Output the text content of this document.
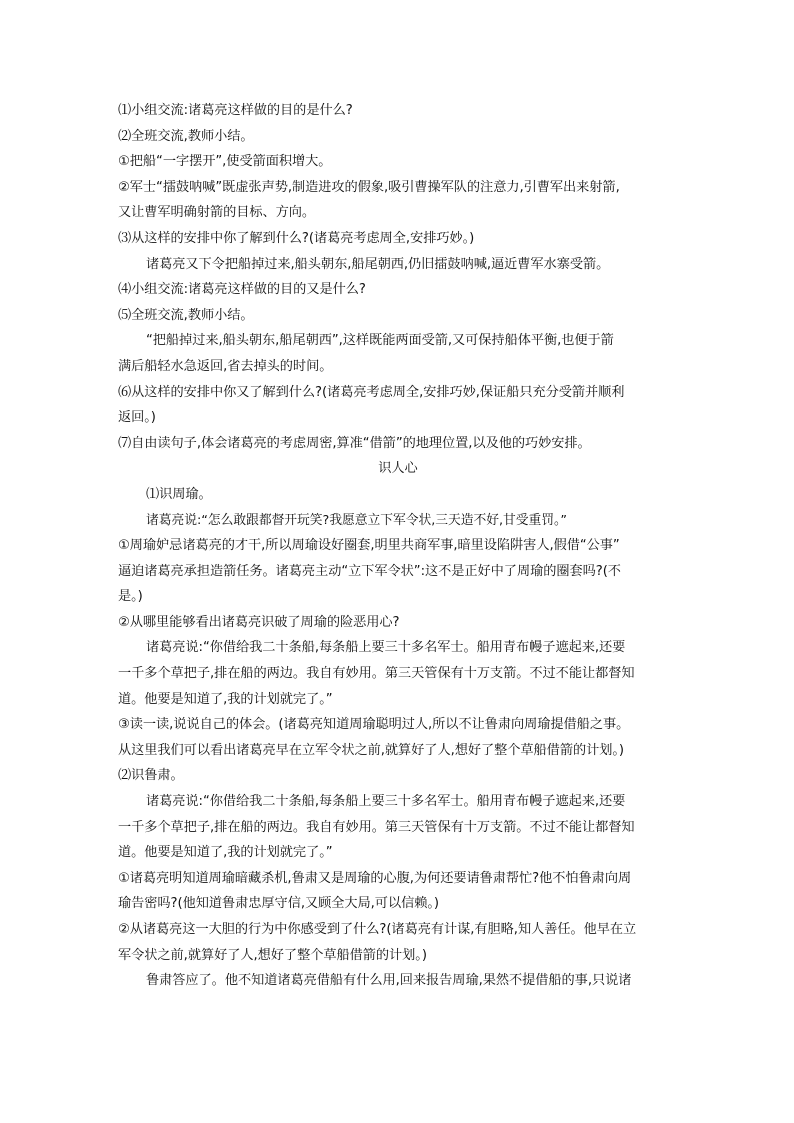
⑴小组交流:诸葛亮这样做的目的是什么?
⑵全班交流,教师小结。
①把船“一字摆开”,使受箭面积增大。
②军士“擂鼓呐喊”既虚张声势,制造进攻的假象,吸引曹操军队的注意力,引曹军出来射箭,
又让曹军明确射箭的目标、方向。
⑶从这样的安排中你了解到什么?(诸葛亮考虑周全,安排巧妙。)
诸葛亮又下令把船掉过来,船头朝东,船尾朝西,仍旧擂鼓呐喊,逼近曹军水寨受箭。
⑷小组交流:诸葛亮这样做的目的又是什么?
⑸全班交流,教师小结。
“把船掉过来,船头朝东,船尾朝西”,这样既能两面受箭,又可保持船体平衡,也便于箭
满后船轻水急返回,省去掉头的时间。
⑹从这样的安排中你又了解到什么?(诸葛亮考虑周全,安排巧妙,保证船只充分受箭并顺利
返回。)
⑺自由读句子,体会诸葛亮的考虑周密,算准“借箭”的地理位置,以及他的巧妙安排。
识人心
⑴识周瑜。
诸葛亮说:“怎么敢跟都督开玩笑?我愿意立下军令状,三天造不好,甘受重罚。”
①周瑜妒忌诸葛亮的才干,所以周瑜设好圈套,明里共商军事,暗里设陷阱害人,假借“公事”
逼迫诸葛亮承担造箭任务。诸葛亮主动“立下军令状”:这不是正好中了周瑜的圈套吗?(不
是。)
②从哪里能够看出诸葛亮识破了周瑜的险恶用心?
诸葛亮说:“你借给我二十条船,每条船上要三十多名军士。船用青布幔子遮起来,还要
一千多个草把子,排在船的两边。我自有妙用。第三天管保有十万支箭。不过不能让都督知
道。他要是知道了,我的计划就完了。”
③读一读,说说自己的体会。(诸葛亮知道周瑜聪明过人,所以不让鲁肃向周瑜提借船之事。
从这里我们可以看出诸葛亮早在立军令状之前,就算好了人,想好了整个草船借箭的计划。)
⑵识鲁肃。
诸葛亮说:“你借给我二十条船,每条船上要三十多名军士。船用青布幔子遮起来,还要
一千多个草把子,排在船的两边。我自有妙用。第三天管保有十万支箭。不过不能让都督知
道。他要是知道了,我的计划就完了。”
①诸葛亮明知道周瑜暗藏杀机,鲁肃又是周瑜的心腹,为何还要请鲁肃帮忙?他不怕鲁肃向周
瑜告密吗?(他知道鲁肃忠厚守信,又顾全大局,可以信赖。)
②从诸葛亮这一大胆的行为中你感受到了什么?(诸葛亮有计谋,有胆略,知人善任。他早在立
军令状之前,就算好了人,想好了整个草船借箭的计划。)
鲁肃答应了。他不知道诸葛亮借船有什么用,回来报告周瑜,果然不提借船的事,只说诸
